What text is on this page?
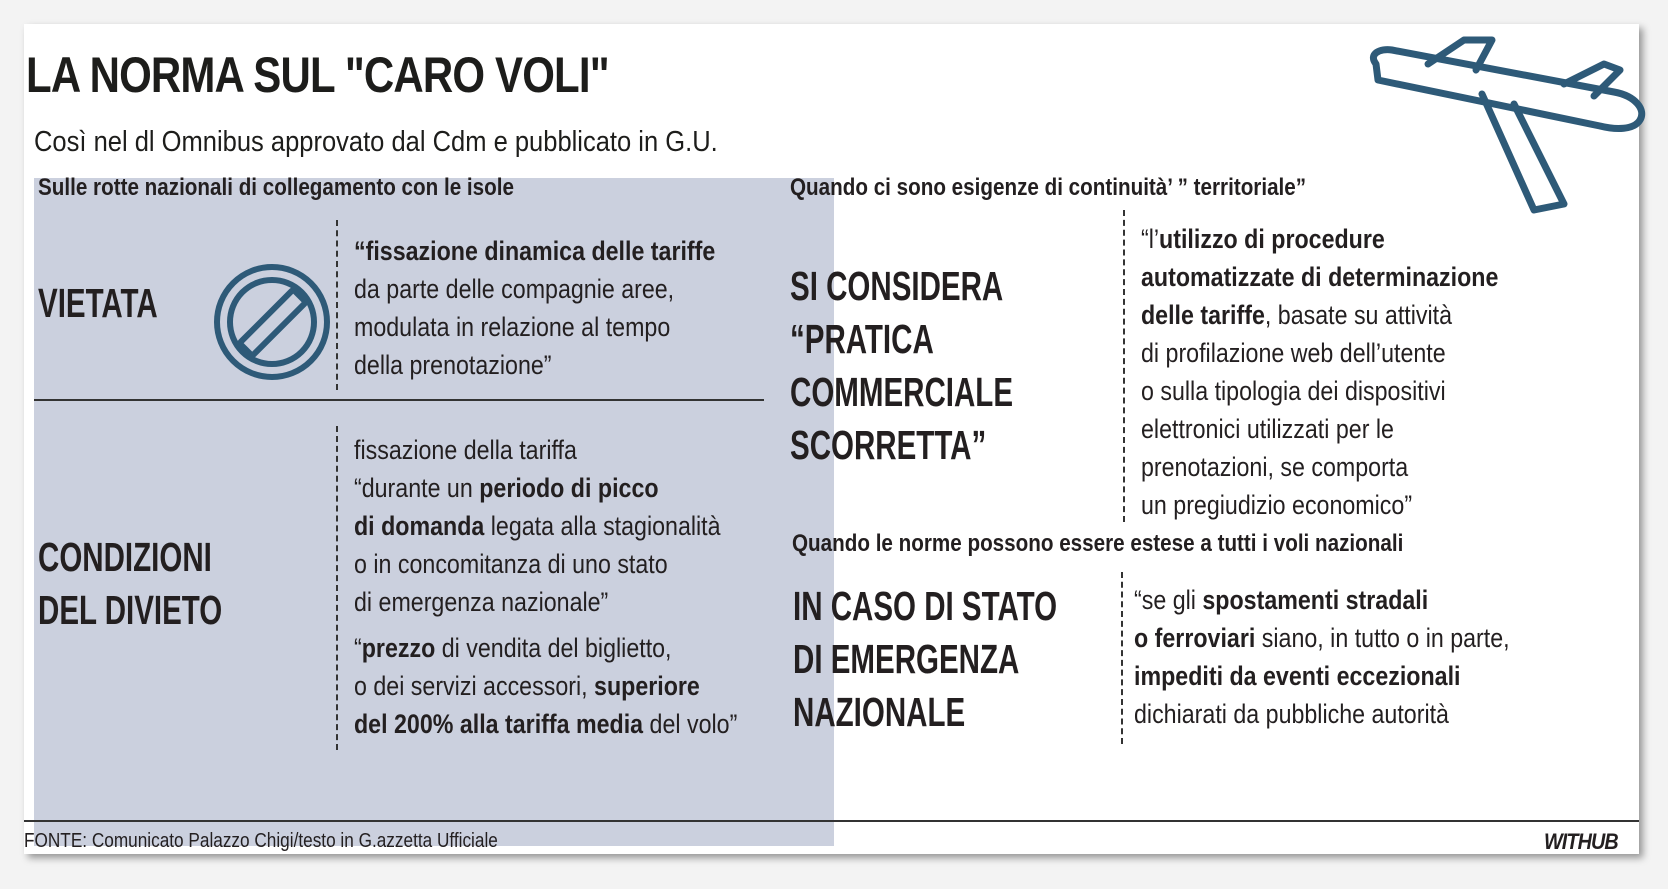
LA NORMA SUL "CARO VOLI"
Così nel dl Omnibus approvato dal Cdm e pubblicato in G.U.
Sulle rotte nazionali di collegamento con le isole
VIETATA
“fissazione dinamica delle tariffe
da parte delle compagnie aree,
modulata in relazione al tempo
della prenotazione”
CONDIZIONI
DEL DIVIETO
fissazione della tariffa
“durante un periodo di picco
di domanda legata alla stagionalità
o in concomitanza di uno stato
di emergenza nazionale”
“prezzo di vendita del biglietto,
o dei servizi accessori, superiore
del 200% alla tariffa media del volo”
Quando ci sono esigenze di continuità’ ” territoriale”
SI CONSIDERA
“PRATICA
COMMERCIALE
SCORRETTA”
“l’utilizzo di procedure
automatizzate di determinazione
delle tariffe, basate su attività
di profilazione web dell’utente
o sulla tipologia dei dispositivi
elettronici utilizzati per le
prenotazioni, se comporta
un pregiudizio economico”
Quando le norme possono essere estese a tutti i voli nazionali
IN CASO DI STATO
DI EMERGENZA
NAZIONALE
“se gli spostamenti stradali
o ferroviari siano, in tutto o in parte,
impediti da eventi eccezionali
dichiarati da pubbliche autorità
FONTE: Comunicato Palazzo Chigi/testo in G.azzetta Ufficiale	WITHUB
